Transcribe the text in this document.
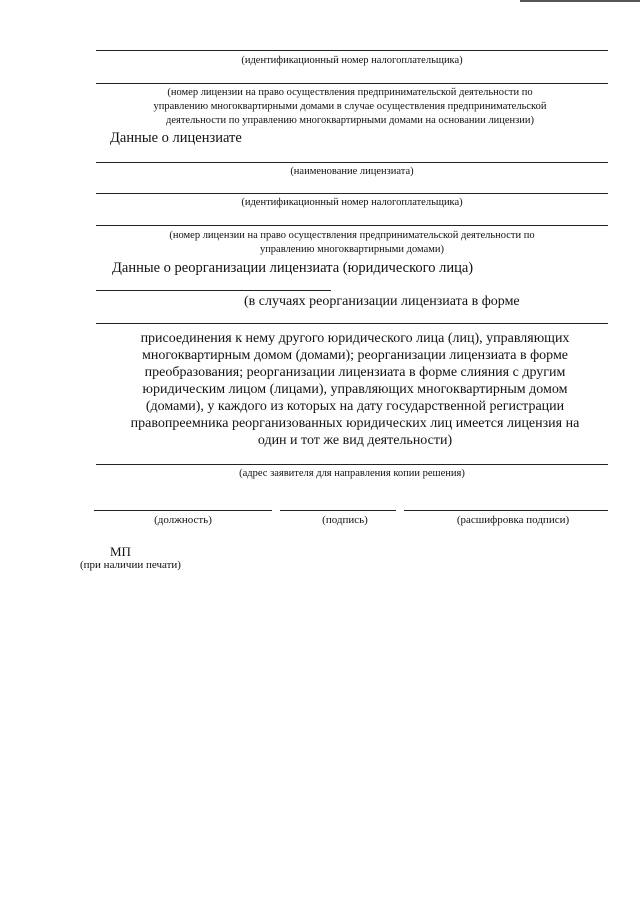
(идентификационный номер налогоплательщика)
(номер лицензии на право осуществления предпринимательской деятельности по
управлению многоквартирными домами в случае осуществления предпринимательской
деятельности по управлению многоквартирными домами на основании лицензии)
Данные о лицензиате
(наименование лицензиата)
(идентификационный номер налогоплательщика)
(номер лицензии на право осуществления предпринимательской деятельности по
управлению многоквартирными домами)
Данные о реорганизации лицензиата (юридического лица)
(в случаях реорганизации лицензиата в форме
присоединения к нему другого юридического лица (лиц), управляющих
многоквартирным домом (домами); реорганизации лицензиата в форме
преобразования; реорганизации лицензиата в форме слияния с другим
юридическим лицом (лицами), управляющих многоквартирным домом
(домами), у каждого из которых на дату государственной регистрации
правопреемника реорганизованных юридических лиц имеется лицензия на
один и тот же вид деятельности)
(адрес заявителя для направления копии решения)
(должность)	(подпись)	(расшифровка подписи)
МП
(при наличии печати)
